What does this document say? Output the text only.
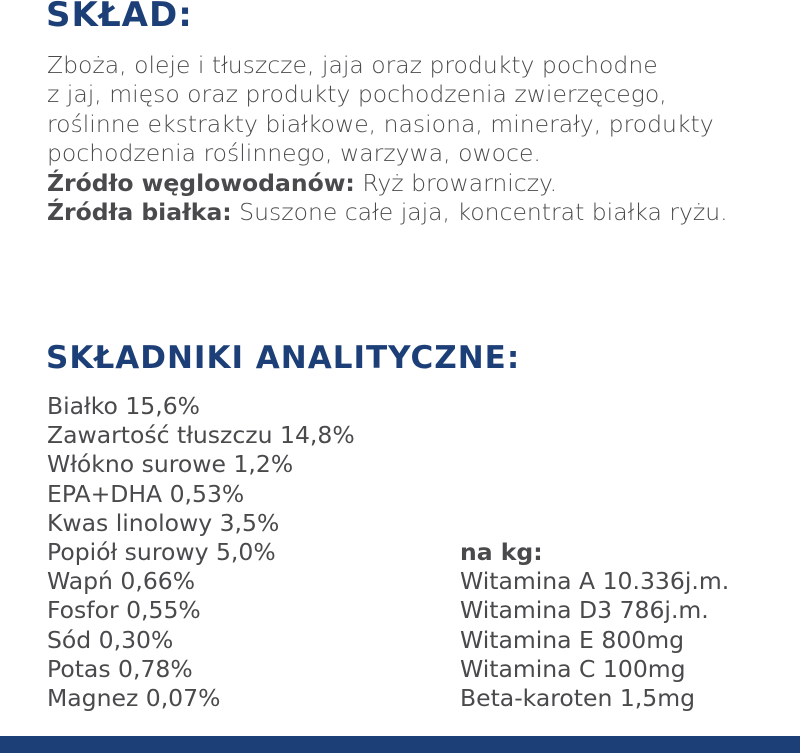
SKŁAD:

Zboża, oleje i tłuszcze, jaja oraz produkty pochodne

z jaj, mięso oraz produkty pochodzenia zwierzęcego,

roślinne ekstrakty białkowe, nasiona, minerały, produkty

pochodzenia roślinnego, warzywa, owoce.

Źródło węglowodanów: Ryż browarniczy.

Źródła białka: Suszone całe jaja, koncentrat białka ryżu.

SKŁADNIKI ANALITYCZNE:
Białko 15,6%
Zawartość tłuszczu 14,8%
Włókno surowe 1,2%
EPA+DHA 0,53%
Kwas linolowy 3,5%
Popiół surowy 5,0%
Wapń 0,66%
Fosfor 0,55%
Sód 0,30%
Potas 0,78%
Magnez 0,07%
na kg:
Witamina A 10.336j.m.
Witamina D3 786j.m.
Witamina E 800mg
Witamina C 100mg
Beta-karoten 1,5mg
